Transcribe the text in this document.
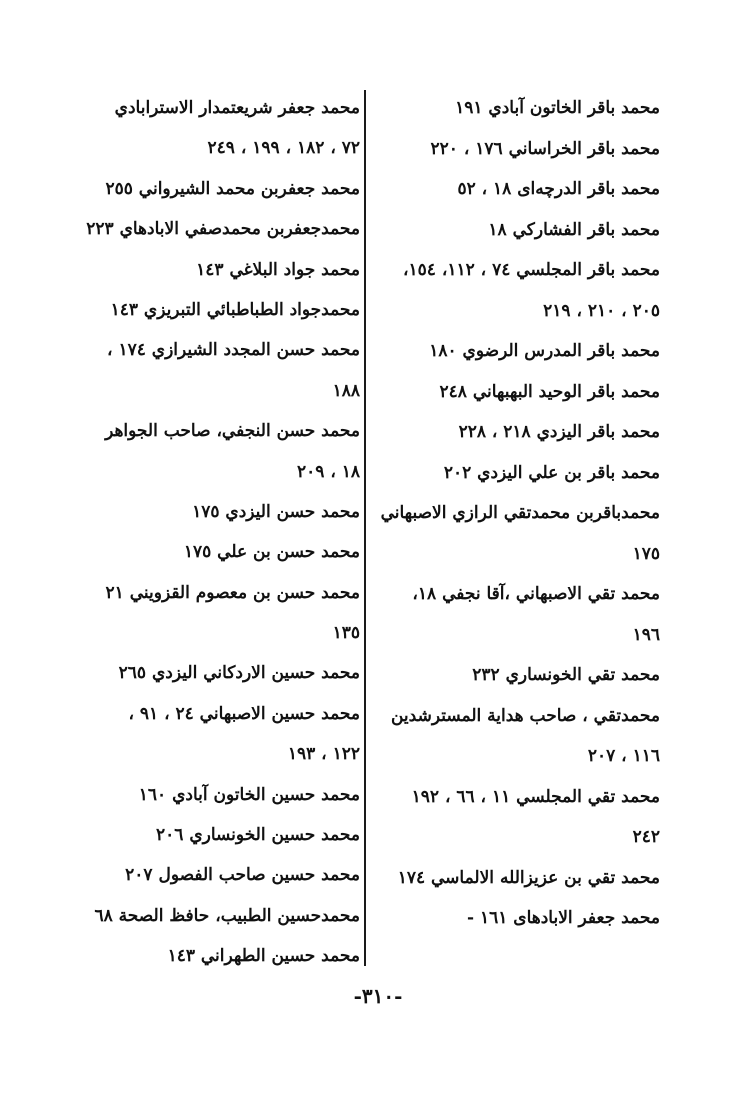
محمد باقر الخاتون آبادي ١٩١
محمد باقر الخراساني ١٧٦ ، ٢٢٠
محمد باقر الدرچه‌اى ١٨ ، ٥٢
محمد باقر الفشاركي ١٨
محمد باقر المجلسي ٧٤ ، ١١٢، ١٥٤،
٢٠٥ ، ٢١٠ ، ٢١٩
محمد باقر المدرس الرضوي ١٨٠
محمد باقر الوحيد البهبهاني ٢٤٨
محمد باقر اليزدي ٢١٨ ، ٢٢٨
محمد باقر بن علي اليزدي ٢٠٢
محمدباقربن محمدتقي الرازي الاصبهاني
١٧٥
محمد تقي الاصبهاني ،آقا نجفي ١٨،
١٩٦
محمد تقي الخونساري ٢٣٢
محمدتقي ، صاحب هداية المسترشدين
١١٦ ، ٢٠٧
محمد تقي المجلسي ١١ ، ٦٦ ، ١٩٢
٢٤٢
محمد تقي بن عزيزالله الالماسي ١٧٤
محمد جعفر الابادهاى ١٦١ -
محمد جعفر شريعتمدار الاسترابادي
٧٢ ، ١٨٢ ، ١٩٩ ، ٢٤٩
محمد جعفربن محمد الشيرواني ٢٥٥
محمدجعفربن محمدصفي الابادهاي ٢٢٣
محمد جواد البلاغي ١٤٣
محمدجواد الطباطبائي التبريزي ١٤٣
محمد حسن المجدد الشيرازي ١٧٤ ،
١٨٨
محمد حسن النجفي، صاحب الجواهر
١٨ ، ٢٠٩
محمد حسن اليزدي ١٧٥
محمد حسن بن علي ١٧٥
محمد حسن بن معصوم القزويني ٢١
١٣٥
محمد حسين الاردكاني اليزدي ٢٦٥
محمد حسين الاصبهاني ٢٤ ، ٩١ ،
١٢٢ ، ١٩٣
محمد حسين الخاتون آبادي ١٦٠
محمد حسين الخونساري ٢٠٦
محمد حسين صاحب الفصول ٢٠٧
محمدحسين الطبيب، حافظ الصحة ٦٨
محمد حسين الطهراني ١٤٣
-٣١٠-
